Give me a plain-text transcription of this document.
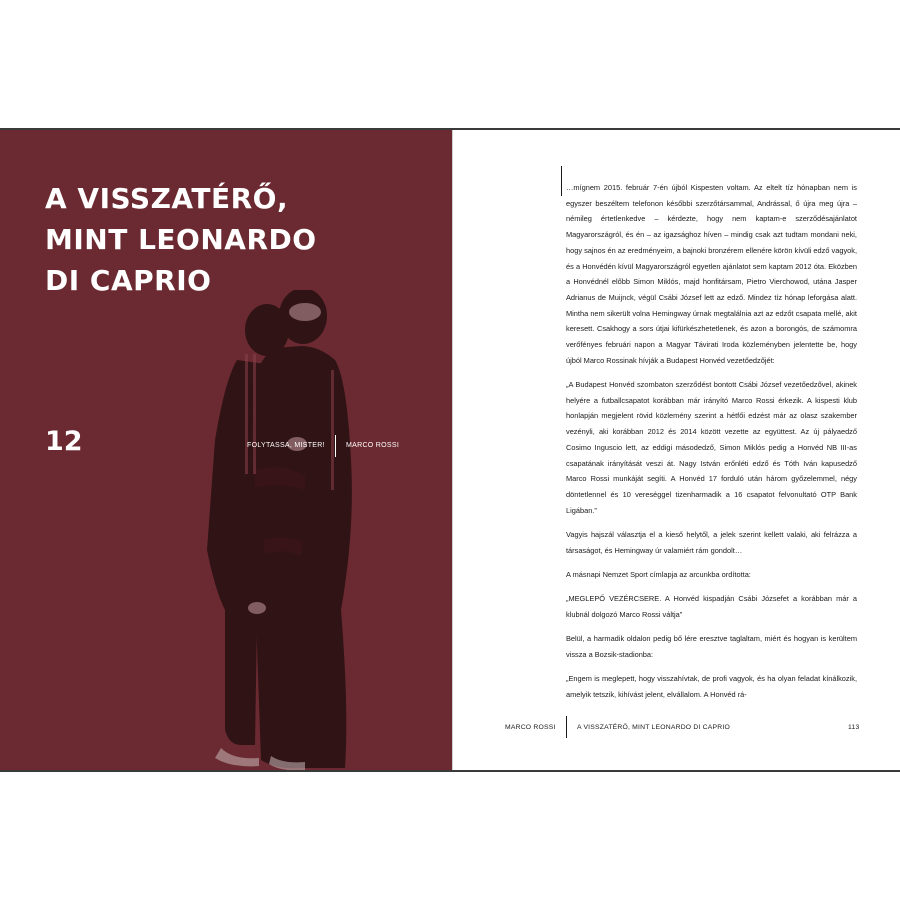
A VISSZATÉRŐ,
MINT LEONARDO
DI CAPRIO
12	FOLYTASSA, MISTER!	MARCO ROSSI

…mígnem 2015. február 7-én újból Kispesten voltam. Az eltelt tíz hónapban nem is egyszer beszéltem telefonon későbbi szerzőtársammal, Andrással, ő újra meg újra – némileg értetlenkedve – kérdezte, hogy nem kaptam-e szerződésajánlatot Magyarországról, és én – az igazsághoz híven – mindig csak azt tudtam mondani neki, hogy sajnos én az eredményeim, a bajnoki bronzérem ellenére körön kívüli edző vagyok, és a Honvédén kívül Magyarországról egyetlen ajánlatot sem kaptam 2012 óta. Eközben a Honvédnél előbb Simon Miklós, majd honfitársam, Pietro Vierchowod, utána Jasper Adrianus de Muijnck, végül Csábi József lett az edző. Mindez tíz hónap leforgása alatt. Mintha nem sikerült volna Hemingway úrnak megtalálnia azt az edzőt csapata mellé, akit keresett. Csakhogy a sors útjai kifürkészhetetlenek, és azon a borongós, de számomra verőfényes februári napon a Magyar Távirati Iroda közleményben jelentette be, hogy újból Marco Rossinak hívják a Budapest Honvéd vezetőedzőjét:

„A Budapest Honvéd szombaton szerződést bontott Csábi József vezetőedzővel, akinek helyére a futballcsapatot korábban már irányító Marco Rossi érkezik. A kispesti klub honlapján megjelent rövid közlemény szerint a hétfői edzést már az olasz szakember vezényli, aki korábban 2012 és 2014 között vezette az együttest. Az új pályaedző Cosimo Inguscio lett, az eddigi másodedző, Simon Miklós pedig a Honvéd NB III-as csapatának irányítását veszi át. Nagy István erőnléti edző és Tóth Iván kapusedző Marco Rossi munkáját segíti. A Honvéd 17 forduló után három győzelemmel, négy döntetlennel és 10 vereséggel tizenharmadik a 16 csapatot felvonultató OTP Bank Ligában.”

Vagyis hajszál választja el a kieső helytől, a jelek szerint kellett valaki, aki felrázza a társaságot, és Hemingway úr valamiért rám gondolt…

A másnapi Nemzet Sport címlapja az arcunkba ordította:

„MEGLEPŐ VEZÉRCSERE. A Honvéd kispadján Csábi Józsefet a korábban már a klubnál dolgozó Marco Rossi váltja”

Belül, a harmadik oldalon pedig bő lére eresztve taglaltam, miért és hogyan is kerültem vissza a Bozsik-stadionba:

„Engem is meglepett, hogy visszahívtak, de profi vagyok, és ha olyan feladat kínálkozik, amelyik tetszik, kihívást jelent, elvállalom. A Honvéd rá-

MARCO ROSSI	A VISSZATÉRŐ, MINT LEONARDO DI CAPRIO	113
